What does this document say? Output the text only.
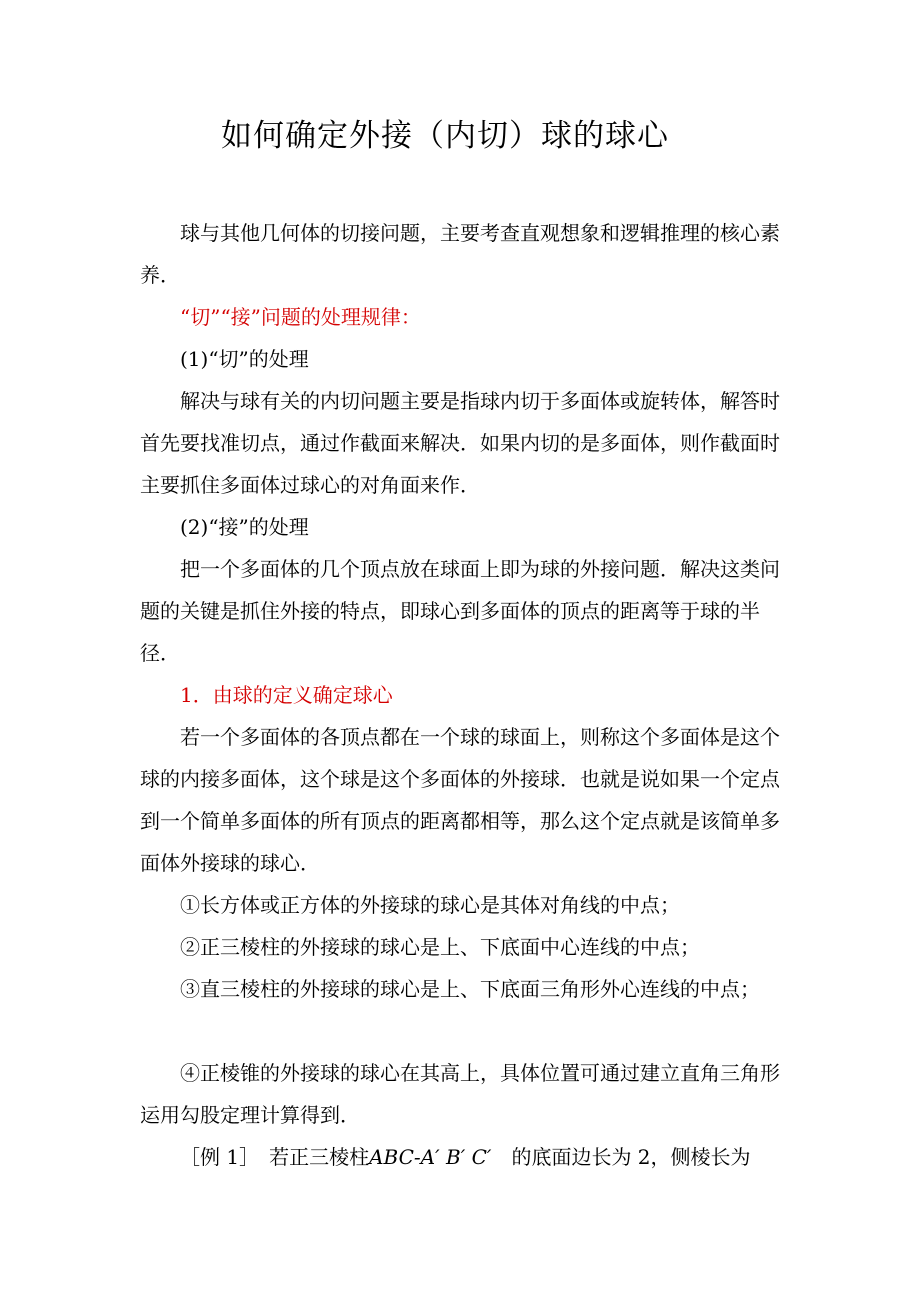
如何确定外接（内切）球的球心

球与其他几何体的切接问题，主要考查直观想象和逻辑推理的核心素养．

“切”“接”问题的处理规律：

(1)“切”的处理

解决与球有关的内切问题主要是指球内切于多面体或旋转体，解答时首先要找准切点，通过作截面来解决．如果内切的是多面体，则作截面时主要抓住多面体过球心的对角面来作．

(2)“接”的处理

把一个多面体的几个顶点放在球面上即为球的外接问题．解决这类问题的关键是抓住外接的特点，即球心到多面体的顶点的距离等于球的半径．

1．由球的定义确定球心

若一个多面体的各顶点都在一个球的球面上，则称这个多面体是这个球的内接多面体，这个球是这个多面体的外接球．也就是说如果一个定点到一个简单多面体的所有顶点的距离都相等，那么这个定点就是该简单多面体外接球的球心．

①长方体或正方体的外接球的球心是其体对角线的中点；

②正三棱柱的外接球的球心是上、下底面中心连线的中点；

③直三棱柱的外接球的球心是上、下底面三角形外心连线的中点；

④正棱锥的外接球的球心在其高上，具体位置可通过建立直角三角形运用勾股定理计算得到．

［例 1］　 若正三棱柱ABC-A′ B′ C′　 的底面边长为 2，侧棱长为
